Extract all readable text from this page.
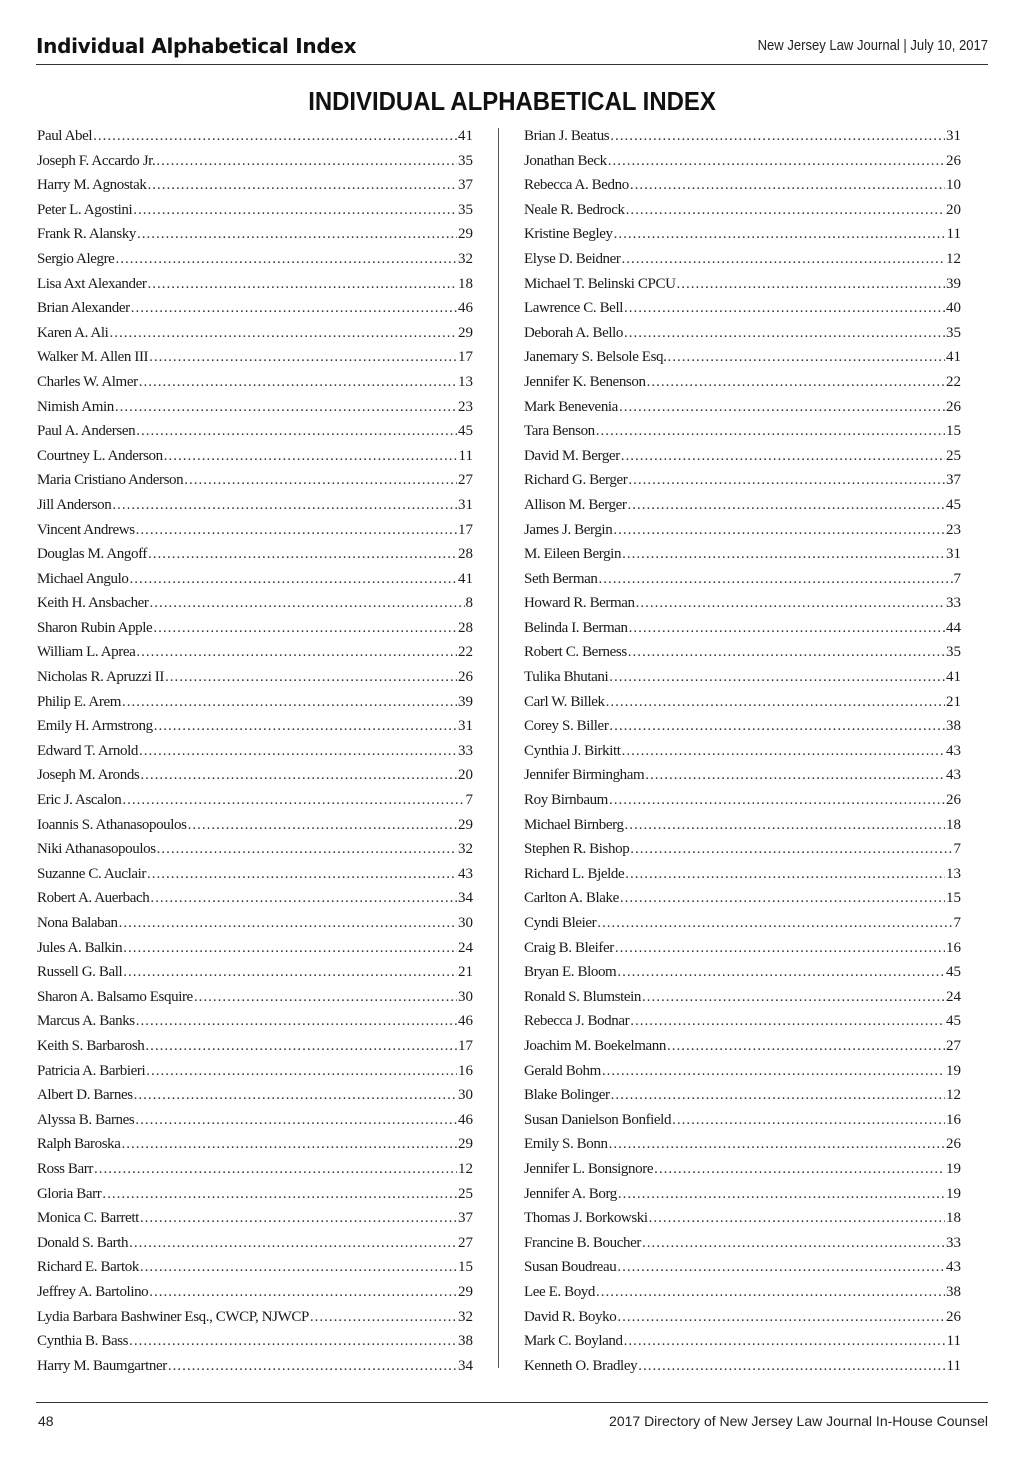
Individual Alphabetical Index	New Jersey Law Journal | July 10, 2017
INDIVIDUAL ALPHABETICAL INDEX
Paul Abel .....	41
Joseph F. Accardo Jr. .....	35
Harry M. Agnostak .....	37
Peter L. Agostini .....	35
Frank R. Alansky .....	29
Sergio Alegre .....	32
Lisa Axt Alexander .....	18
Brian Alexander .....	46
Karen A. Ali .....	29
Walker M. Allen III .....	17
Charles W. Almer .....	13
Nimish Amin .....	23
Paul A. Andersen .....	45
Courtney L. Anderson .....	11
Maria Cristiano Anderson .....	27
Jill Anderson .....	31
Vincent Andrews .....	17
Douglas M. Angoff .....	28
Michael Angulo .....	41
Keith H. Ansbacher .....	8
Sharon Rubin Apple .....	28
William L. Aprea .....	22
Nicholas R. Apruzzi II .....	26
Philip E. Arem .....	39
Emily H. Armstrong .....	31
Edward T. Arnold .....	33
Joseph M. Aronds .....	20
Eric J. Ascalon .....	7
Ioannis S. Athanasopoulos .....	29
Niki Athanasopoulos .....	32
Suzanne C. Auclair .....	43
Robert A. Auerbach .....	34
Nona Balaban .....	30
Jules A. Balkin .....	24
Russell G. Ball .....	21
Sharon A. Balsamo Esquire .....	30
Marcus A. Banks .....	46
Keith S. Barbarosh .....	17
Patricia A. Barbieri .....	16
Albert D. Barnes .....	30
Alyssa B. Barnes .....	46
Ralph Baroska .....	29
Ross Barr .....	12
Gloria Barr .....	25
Monica C. Barrett .....	37
Donald S. Barth .....	27
Richard E. Bartok .....	15
Jeffrey A. Bartolino .....	29
Lydia Barbara Bashwiner Esq., CWCP, NJWCP .....	32
Cynthia B. Bass .....	38
Harry M. Baumgartner .....	34
Brian J. Beatus .....	31
Jonathan Beck .....	26
Rebecca A. Bedno .....	10
Neale R. Bedrock .....	20
Kristine Begley .....	11
Elyse D. Beidner .....	12
Michael T. Belinski CPCU .....	39
Lawrence C. Bell .....	40
Deborah A. Bello .....	35
Janemary S. Belsole Esq. .....	41
Jennifer K. Benenson .....	22
Mark Benevenia .....	26
Tara Benson .....	15
David M. Berger .....	25
Richard G. Berger .....	37
Allison M. Berger .....	45
James J. Bergin .....	23
M. Eileen Bergin .....	31
Seth Berman .....	7
Howard R. Berman .....	33
Belinda I. Berman .....	44
Robert C. Berness .....	35
Tulika Bhutani .....	41
Carl W. Billek .....	21
Corey S. Biller .....	38
Cynthia J. Birkitt .....	43
Jennifer Birmingham .....	43
Roy Birnbaum .....	26
Michael Birnberg .....	18
Stephen R. Bishop .....	7
Richard L. Bjelde .....	13
Carlton A. Blake .....	15
Cyndi Bleier .....	7
Craig B. Bleifer .....	16
Bryan E. Bloom .....	45
Ronald S. Blumstein .....	24
Rebecca J. Bodnar .....	45
Joachim M. Boekelmann .....	27
Gerald Bohm .....	19
Blake Bolinger .....	12
Susan Danielson Bonfield .....	16
Emily S. Bonn .....	26
Jennifer L. Bonsignore .....	19
Jennifer A. Borg .....	19
Thomas J. Borkowski .....	18
Francine B. Boucher .....	33
Susan Boudreau .....	43
Lee E. Boyd .....	38
David R. Boyko .....	26
Mark C. Boyland .....	11
Kenneth O. Bradley .....	11
48	2017 Directory of New Jersey Law Journal In-House Counsel
